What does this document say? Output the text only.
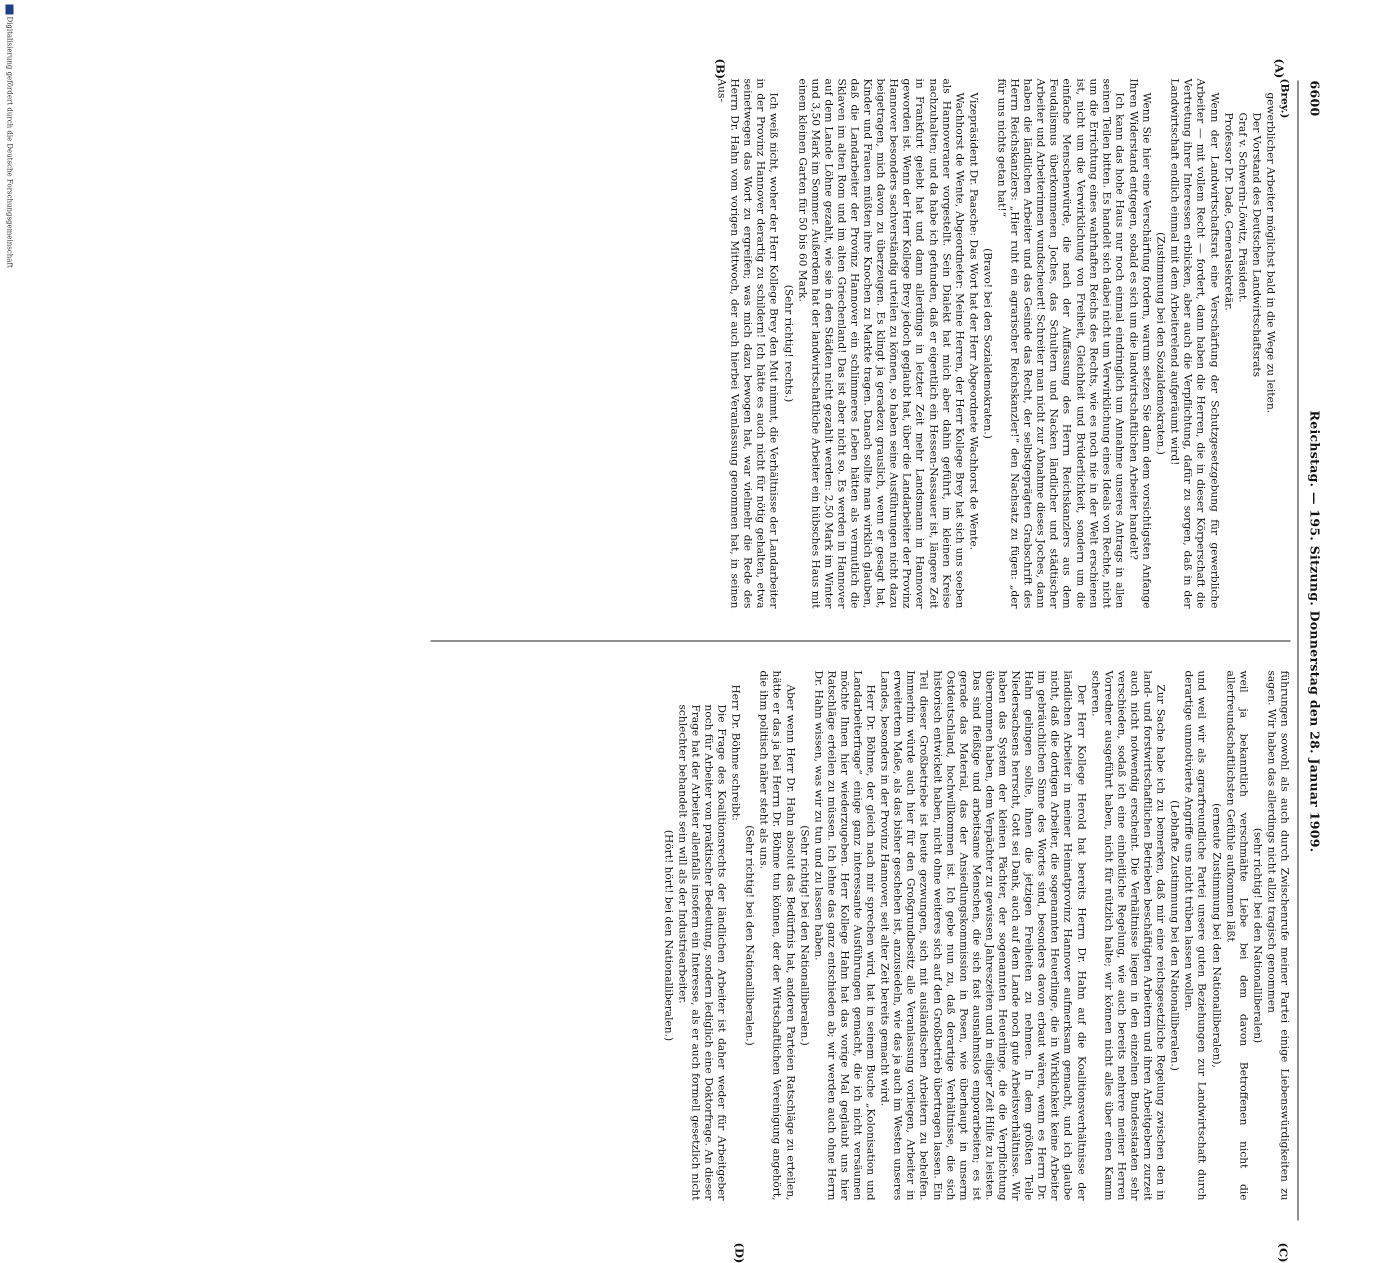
6600
Reichstag. — 195. Sitzung. Donnerstag den 28. Januar 1909.
(A)
(B)
(C)
(D)
(Brey.)
gewerblicher Arbeiter möglichst bald in die Wege zu leiten.
Der Vorstand des Deutschen Landwirtschaftsrats
Graf v. Schwerin-Löwitz, Präsident.
Professor Dr. Dade, Generalsekretär.
Wenn der Landwirtschaftsrat eine Verschärfung der Schutzgesetzgebung für gewerbliche Arbeiter — mit vollem Recht — fordert, dann haben die Herren, die in dieser Körperschaft die Vertretung ihrer Interessen erblicken, aber auch die Verpflichtung, dafür zu sorgen, daß in der Landwirtschaft endlich einmal mit dem Arbeiterelend aufgeräumt wird!
(Zustimmung bei den Sozialdemokraten.)
Wenn Sie hier eine Verschärfung fordern, warum setzen Sie dann dem vorsichtigsten Anfange Ihren Widerstand entgegen, sobald es sich um die landwirtschaftlichen Arbeiter handelt?
Ich kann das hohe Haus nur noch einmal eindringlich um Annahme unseres Antrags in allen seinen Teilen bitten. Es handelt sich dabei nicht um Verwirklichung eines Ideals von Rechte, nicht um die Errichtung eines wahrhaften Reichs des Rechts, wie es noch nie in der Welt erschienen ist, nicht um die Verwirklichung von Freiheit, Gleichheit und Brüderlichkeit, sondern um die einfache Menschenwürde, die nach der Auffassung des Herrn Reichskanzlers aus dem Feudalismus überkommenen Joches, das Schultern und Nacken ländlicher und städtischer Arbeiter und Arbeiterinnen wundscheuert! Schreiter man nicht zur Abnahme dieses Joches, dann haben die ländlichen Arbeiter und das Gesinde das Recht, der selbstgeprägten Grabschrift des Herrn Reichskanzlers: „Hier ruht ein agrarischer Reichskanzler!“ den Nachsatz zu fügen: „der für uns nichts getan hat!“
(Bravo! bei den Sozialdemokraten.)
Vizepräsident Dr. Paasche: Das Wort hat der Herr Abgeordnete Wachhorst de Wente.
Wachhorst de Wente, Abgeordneter: Meine Herren, der Herr Kollege Brey hat sich uns soeben als Hannoveraner vorgestellt. Sein Dialekt hat mich aber dahin geführt, im kleinen Kreise nachzuhalten; und da habe ich gefunden, daß er eigentlich ein Hessen-Nassauer ist, längere Zeit in Frankfurt gelebt hat und dann allerdings in letzter Zeit mehr Landsmann in Hannover geworden ist. Wenn der Herr Kollege Brey jedoch geglaubt hat, über die Landarbeiter der Provinz Hannover besonders sachverständig urteilen zu können, so haben seine Ausführungen nicht dazu beigetragen, mich davon zu überzeugen. Es klingt ja geradezu grauslich, wenn er gesagt hat, Kinder und Frauen müßten ihre Knochen zu Markte tragen. Danach sollte man wirklich glauben, daß die Landarbeiter der Provinz Hannover ein schlimmeres Leben hätten als vermutlich die Sklaven im alten Rom und im alten Griechenland! Das ist aber nicht so. Es werden in Hannover auf dem Lande Löhne gezahlt, wie sie in den Städten nicht gezahlt werden: 2,50 Mark im Winter und 3,50 Mark im Sommer. Außerdem hat der landwirtschaftliche Arbeiter ein hübsches Haus mit einem kleinen Garten für 50 bis 60 Mark.
(Sehr richtig! rechts.)
Ich weiß nicht, woher der Herr Kollege Brey den Mut nimmt, die Verhältnisse der Landarbeiter in der Provinz Hannover derartig zu schildern! Ich hätte es auch nicht für nötig gehalten, etwa seinetwegen das Wort zu ergreifen; was mich dazu bewogen hat, war vielmehr die Rede des Herrn Dr. Hahn vom vorigen Mittwoch, der auch hierbei Veranlassung genommen hat, in seinen Aus-
führungen sowohl als auch durch Zwischenrufe meiner Partei einige Liebenswürdigkeiten zu sagen. Wir haben das allerdings nicht allzu tragisch genommen
(sehr richtig! bei den Nationalliberalen)
weil ja bekanntlich verschmähte Liebe bei dem davon Betroffenen nicht die allerfreundschaftlichsten Gefühle aufkommen läßt
(erneute Zustimmung bei den Nationalliberalen),
und weil wir als agrarfreundliche Partei unsere guten Beziehungen zur Landwirtschaft durch derartige unmotivierte Angriffe uns nicht trüben lassen wollen.
(Lebhafte Zustimmung bei den Nationalliberalen.)
Zur Sache habe ich zu bemerken, daß mir eine reichsgesetzliche Regelung zwischen den in land- und forstwirtschaftlichen Betrieben beschäftigten Arbeitern und ihren Arbeitgebern zurzeit auch nicht notwendig erscheint. Die Verhältnisse liegen in den einzelnen Bundesstaaten sehr verschieden, sodaß ich eine einheitliche Regelung, wie auch bereits mehrere meiner Herren Vorredner ausgeführt haben, nicht für nützlich halte; wir können nicht alles über einen Kamm scheren.
Der Herr Kollege Herold hat bereits Herrn Dr. Hahn auf die Koalitionsverhältnisse der ländlichen Arbeiter in meiner Heimatprovinz Hannover aufmerksam gemacht, und ich glaube nicht, daß die dortigen Arbeiter, die sogenannten Heuerlinge, die in Wirklichkeit keine Arbeiter im gebräuchlichen Sinne des Wortes sind, besonders davon erbaut wären, wenn es Herrn Dr. Hahn gelingen sollte, ihnen die jetzigen Freiheiten zu nehmen. In dem größten Teile Niedersachsens herrscht, Gott sei Dank, auch auf dem Lande noch gute Arbeitsverhältnisse. Wir haben das System der kleinen Pächter, der sogenannten Heuerlinge, die die Verpflichtung übernommen haben, dem Verpächter zu gewissen Jahreszeiten und in eiliger Zeit Hilfe zu leisten. Das sind fleißige und arbeitsame Menschen, die sich fast ausnahmslos emporarbeiten; es ist gerade das Material, das der Ansiedlungskommission in Posen, wie überhaupt in unserm Ostdeutschland, hochwillkommen ist. Ich gebe nun zu, daß derartige Verhältnisse, die sich historisch entwickelt haben, nicht ohne weiteres sich auf den Großbetrieb übertragen lassen. Ein Teil dieser Großbetriebe ist heute gezwungen, sich mit ausländischen Arbeitern zu behelfen. Immerhin würde auch hier für den Großgrundbesitz alle Veranlassung vorliegen, Arbeiter in erweitertem Maße, als das bisher geschehen ist, anzusiedeln, wie das ja auch im Westen unseres Landes, besonders in der Provinz Hannover, seit alter Zeit bereits gemacht wird.
Herr Dr. Böhme, der gleich nach mir sprechen wird, hat in seinem Buche „Kolonisation und Landarbeiterfrage“ einige ganz interessante Ausführungen gemacht, die ich nicht versäumen möchte Ihnen hier wiederzugeben. Herr Kollege Hahn hat das vorige Mal geglaubt uns hier Ratschläge erteilen zu müssen. Ich lehne das ganz entschieden ab; wir werden auch ohne Herrn Dr. Hahn wissen, was wir zu tun und zu lassen haben.
(Sehr richtig! bei den Nationalliberalen.)
Aber wenn Herr Dr. Hahn absolut das Bedürfnis hat, anderen Parteien Ratschläge zu erteilen, hätte er das ja bei Herrn Dr. Böhme tun können, der der Wirtschaftlichen Vereinigung angehört, die ihm politisch näher steht als uns.
(Sehr richtig! bei den Nationalliberalen.)
Herr Dr. Böhme schreibt:
Die Frage des Koalitionsrechts der ländlichen Arbeiter ist daher weder für Arbeitgeber noch für Arbeiter von praktischer Bedeutung, sondern lediglich eine Doktorfrage. An dieser Frage hat der Arbeiter allenfalls insofern ein Interesse, als er auch formell gesetzlich nicht schlechter behandelt sein will als der Industriearbeiter.
(Hört! hört! bei den Nationalliberalen.)
Digitalisierung gefördert durch die Deutsche Forschungsgemeinschaft
